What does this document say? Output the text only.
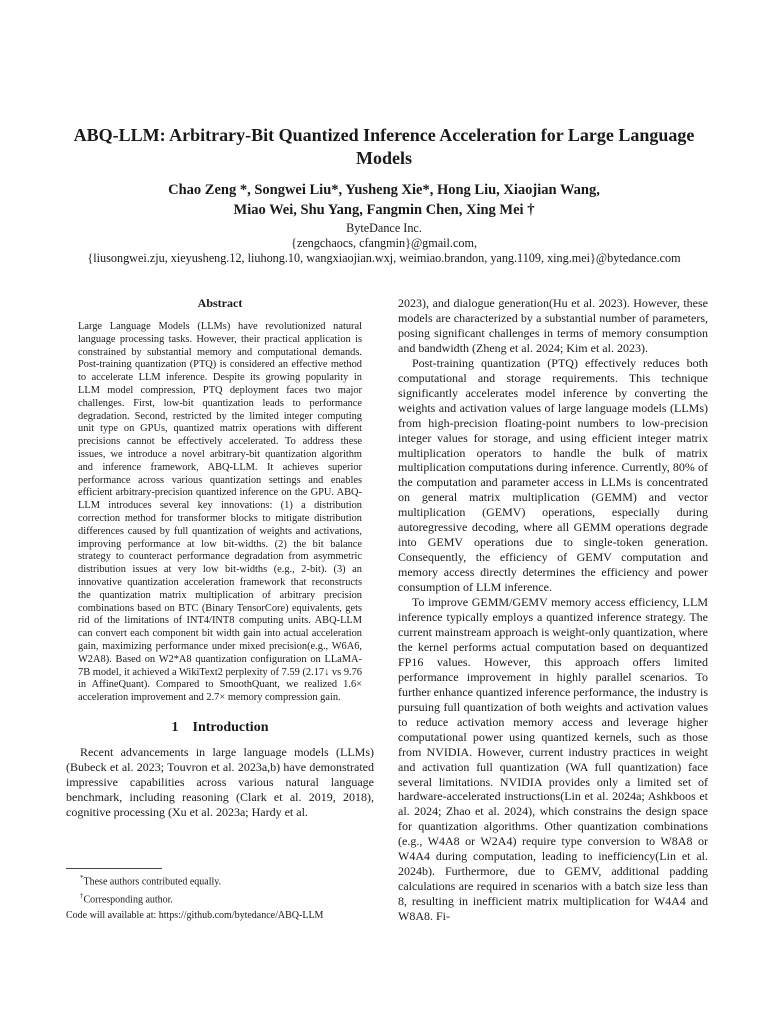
ABQ-LLM: Arbitrary-Bit Quantized Inference Acceleration for Large Language Models
Chao Zeng *, Songwei Liu*, Yusheng Xie*, Hong Liu, Xiaojian Wang,
Miao Wei, Shu Yang, Fangmin Chen, Xing Mei †
ByteDance Inc.
{zengchaocs, cfangmin}@gmail.com,
{liusongwei.zju, xieyusheng.12, liuhong.10, wangxiaojian.wxj, weimiao.brandon, yang.1109, xing.mei}@bytedance.com
Abstract

Large Language Models (LLMs) have revolutionized natural language processing tasks. However, their practical application is constrained by substantial memory and computational demands. Post-training quantization (PTQ) is considered an effective method to accelerate LLM inference. Despite its growing popularity in LLM model compression, PTQ deployment faces two major challenges. First, low-bit quantization leads to performance degradation. Second, restricted by the limited integer computing unit type on GPUs, quantized matrix operations with different precisions cannot be effectively accelerated. To address these issues, we introduce a novel arbitrary-bit quantization algorithm and inference framework, ABQ-LLM. It achieves superior performance across various quantization settings and enables efficient arbitrary-precision quantized inference on the GPU. ABQ-LLM introduces several key innovations: (1) a distribution correction method for transformer blocks to mitigate distribution differences caused by full quantization of weights and activations, improving performance at low bit-widths. (2) the bit balance strategy to counteract performance degradation from asymmetric distribution issues at very low bit-widths (e.g., 2-bit). (3) an innovative quantization acceleration framework that reconstructs the quantization matrix multiplication of arbitrary precision combinations based on BTC (Binary TensorCore) equivalents, gets rid of the limitations of INT4/INT8 computing units. ABQ-LLM can convert each component bit width gain into actual acceleration gain, maximizing performance under mixed precision(e.g., W6A6, W2A8). Based on W2*A8 quantization configuration on LLaMA-7B model, it achieved a WikiText2 perplexity of 7.59 (2.17↓ vs 9.76 in AffineQuant). Compared to SmoothQuant, we realized 1.6× acceleration improvement and 2.7× memory compression gain.

1 Introduction

Recent advancements in large language models (LLMs) (Bubeck et al. 2023; Touvron et al. 2023a,b) have demonstrated impressive capabilities across various natural language benchmark, including reasoning (Clark et al. 2019, 2018), cognitive processing (Xu et al. 2023a; Hardy et al.

*These authors contributed equally.
†Corresponding author.
Code will available at: https://github.com/bytedance/ABQ-LLM

2023), and dialogue generation(Hu et al. 2023). However, these models are characterized by a substantial number of parameters, posing significant challenges in terms of memory consumption and bandwidth (Zheng et al. 2024; Kim et al. 2023).

Post-training quantization (PTQ) effectively reduces both computational and storage requirements. This technique significantly accelerates model inference by converting the weights and activation values of large language models (LLMs) from high-precision floating-point numbers to low-precision integer values for storage, and using efficient integer matrix multiplication operators to handle the bulk of matrix multiplication computations during inference. Currently, 80% of the computation and parameter access in LLMs is concentrated on general matrix multiplication (GEMM) and vector multiplication (GEMV) operations, especially during autoregressive decoding, where all GEMM operations degrade into GEMV operations due to single-token generation. Consequently, the efficiency of GEMV computation and memory access directly determines the efficiency and power consumption of LLM inference.

To improve GEMM/GEMV memory access efficiency, LLM inference typically employs a quantized inference strategy. The current mainstream approach is weight-only quantization, where the kernel performs actual computation based on dequantized FP16 values. However, this approach offers limited performance improvement in highly parallel scenarios. To further enhance quantized inference performance, the industry is pursuing full quantization of both weights and activation values to reduce activation memory access and leverage higher computational power using quantized kernels, such as those from NVIDIA. However, current industry practices in weight and activation full quantization (WA full quantization) face several limitations. NVIDIA provides only a limited set of hardware-accelerated instructions(Lin et al. 2024a; Ashkboos et al. 2024; Zhao et al. 2024), which constrains the design space for quantization algorithms. Other quantization combinations (e.g., W4A8 or W2A4) require type conversion to W8A8 or W4A4 during computation, leading to inefficiency(Lin et al. 2024b). Furthermore, due to GEMV, additional padding calculations are required in scenarios with a batch size less than 8, resulting in inefficient matrix multiplication for W4A4 and W8A8. Fi-
